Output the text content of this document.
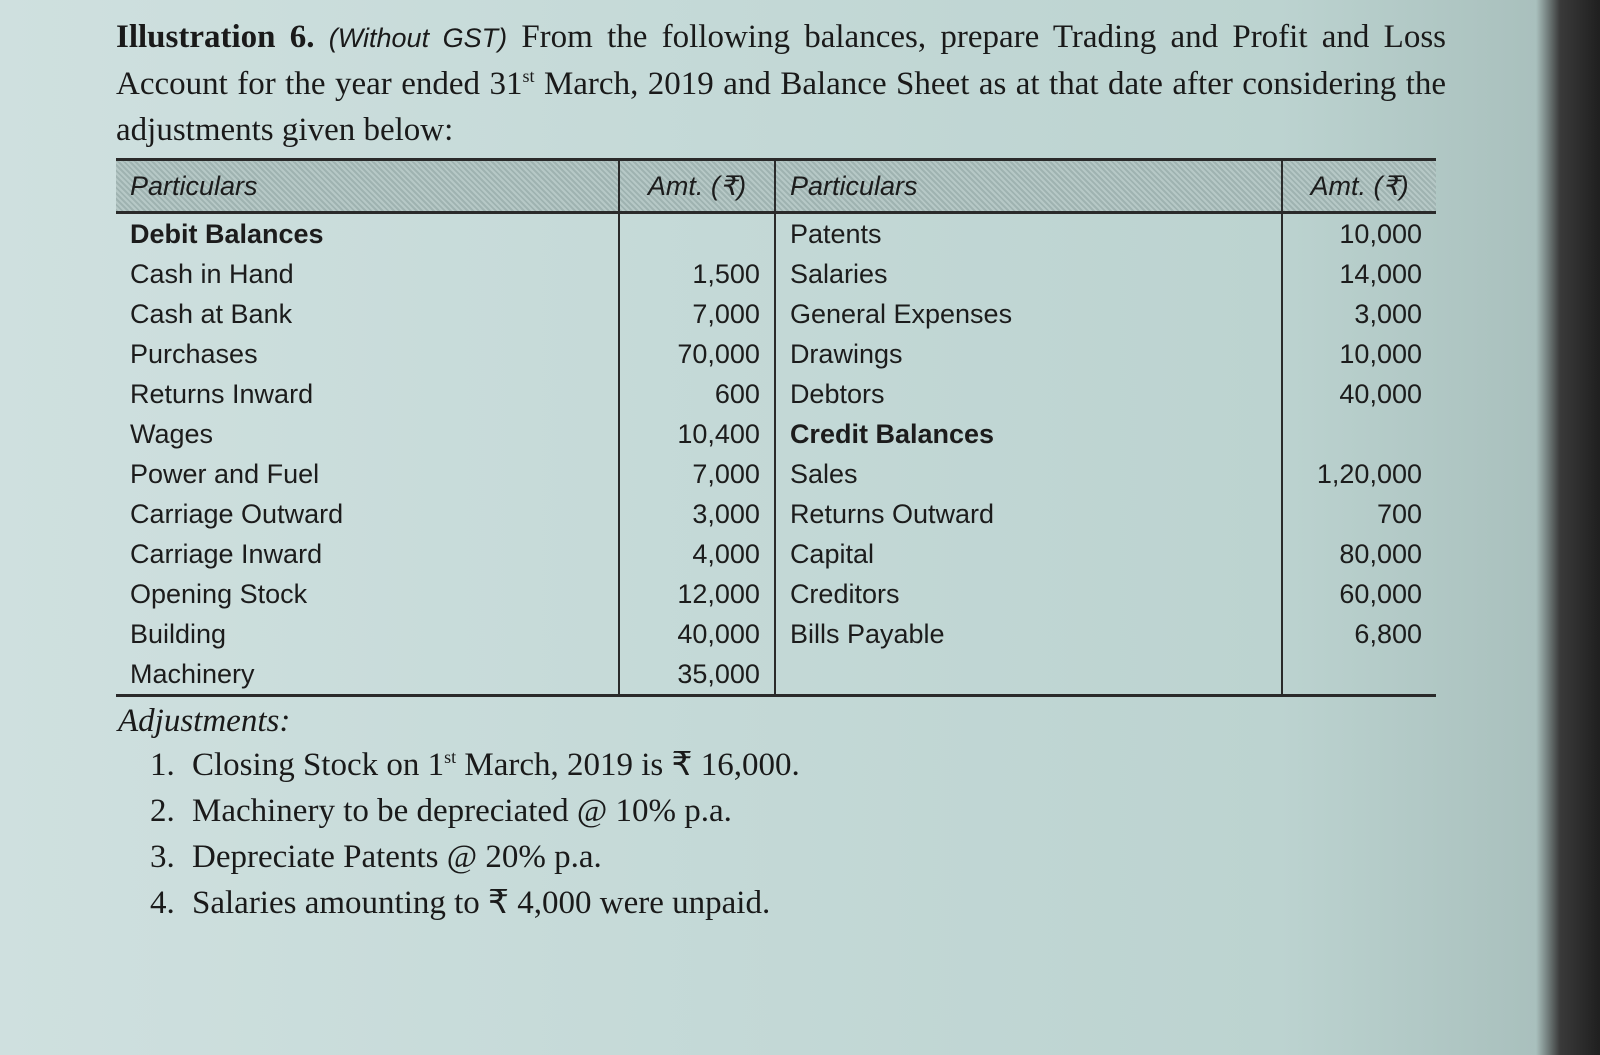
Illustration 6. (Without GST) From the following balances, prepare Trading and Profit and Loss Account for the year ended 31st March, 2019 and Balance Sheet as at that date after considering the adjustments given below:
Particulars	Amt. (₹)	Particulars	Amt. (₹)
Debit Balances		Patents	10,000
Cash in Hand	1,500	Salaries	14,000
Cash at Bank	7,000	General Expenses	3,000
Purchases	70,000	Drawings	10,000
Returns Inward	600	Debtors	40,000
Wages	10,400	Credit Balances	
Power and Fuel	7,000	Sales	1,20,000
Carriage Outward	3,000	Returns Outward	700
Carriage Inward	4,000	Capital	80,000
Opening Stock	12,000	Creditors	60,000
Building	40,000	Bills Payable	6,800
Machinery	35,000		
Adjustments:
1. Closing Stock on 1st March, 2019 is ₹ 16,000.
2. Machinery to be depreciated @ 10% p.a.
3. Depreciate Patents @ 20% p.a.
4. Salaries amounting to ₹ 4,000 were unpaid.
